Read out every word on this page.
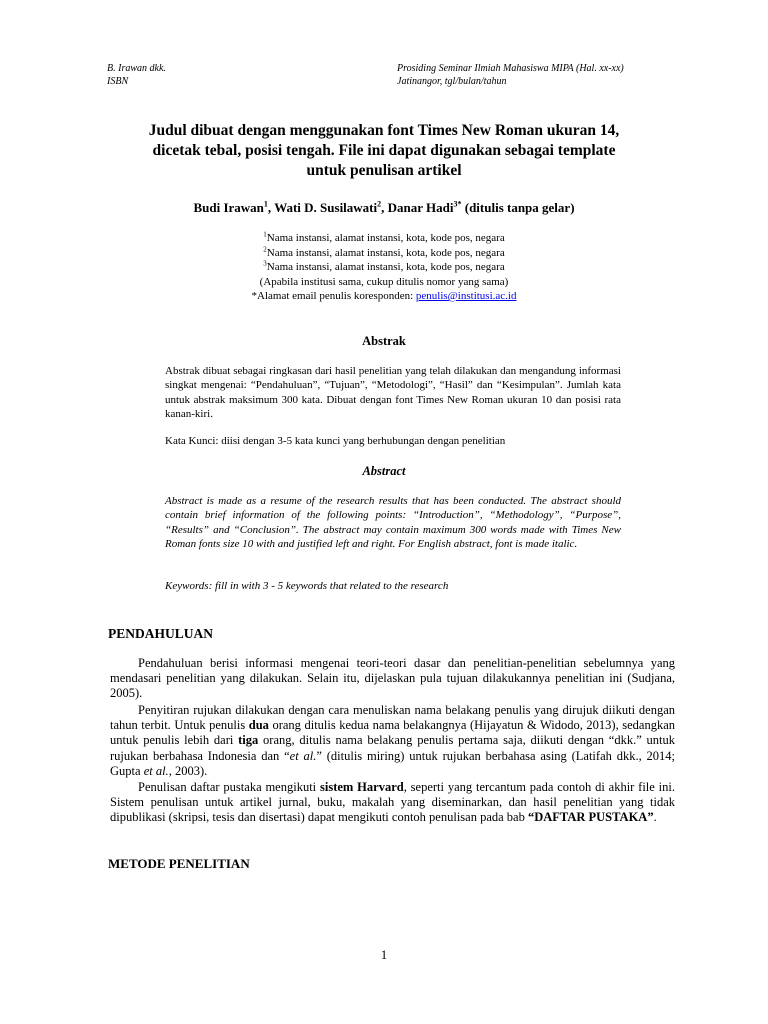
B. Irawan dkk.
ISBN
Prosiding Seminar Ilmiah Mahasiswa MIPA (Hal. xx-xx)
Jatinangor, tgl/bulan/tahun
Judul dibuat dengan menggunakan font Times New Roman ukuran 14,
dicetak tebal, posisi tengah. File ini dapat digunakan sebagai template
untuk penulisan artikel
Budi Irawan$^1$, Wati D. Susilawati$^2$, Danar Hadi$^{3*}$ (ditulis tanpa gelar)
$^1$Nama instansi, alamat instansi, kota, kode pos, negara
$^2$Nama instansi, alamat instansi, kota, kode pos, negara
$^3$Nama instansi, alamat instansi, kota, kode pos, negara
(Apabila institusi sama, cukup ditulis nomor yang sama)
*Alamat email penulis koresponden: penulis@institusi.ac.id
Abstrak
Abstrak dibuat sebagai ringkasan dari hasil penelitian yang telah dilakukan dan mengandung informasi singkat mengenai: “Pendahuluan”, “Tujuan”, “Metodologi”, “Hasil” dan “Kesimpulan”. Jumlah kata untuk abstrak maksimum 300 kata. Dibuat dengan font Times New Roman ukuran 10 dan posisi rata kanan-kiri.
Kata Kunci: diisi dengan 3-5 kata kunci yang berhubungan dengan penelitian
Abstract
Abstract is made as a resume of the research results that has been conducted. The abstract should contain brief information of the following points: “Introduction”, “Methodology”, “Purpose”, “Results” and “Conclusion”. The abstract may contain maximum 300 words made with Times New Roman fonts size 10 with and justified left and right. For English abstract, font is made italic.
Keywords: fill in with 3 - 5 keywords that related to the research
PENDAHULUAN
Pendahuluan berisi informasi mengenai teori-teori dasar dan penelitian-penelitian sebelumnya yang mendasari penelitian yang dilakukan. Selain itu, dijelaskan pula tujuan dilakukannya penelitian ini (Sudjana, 2005).
Penyitiran rujukan dilakukan dengan cara menuliskan nama belakang penulis yang dirujuk diikuti dengan tahun terbit. Untuk penulis dua orang ditulis kedua nama belakangnya (Hijayatun & Widodo, 2013), sedangkan untuk penulis lebih dari tiga orang, ditulis nama belakang penulis pertama saja, diikuti dengan “dkk.” untuk rujukan berbahasa Indonesia dan “et al.” (ditulis miring) untuk rujukan berbahasa asing (Latifah dkk., 2014; Gupta et al., 2003).
Penulisan daftar pustaka mengikuti sistem Harvard, seperti yang tercantum pada contoh di akhir file ini. Sistem penulisan untuk artikel jurnal, buku, makalah yang diseminarkan, dan hasil penelitian yang tidak dipublikasi (skripsi, tesis dan disertasi) dapat mengikuti contoh penulisan pada bab “DAFTAR PUSTAKA”.
METODE PENELITIAN
1
